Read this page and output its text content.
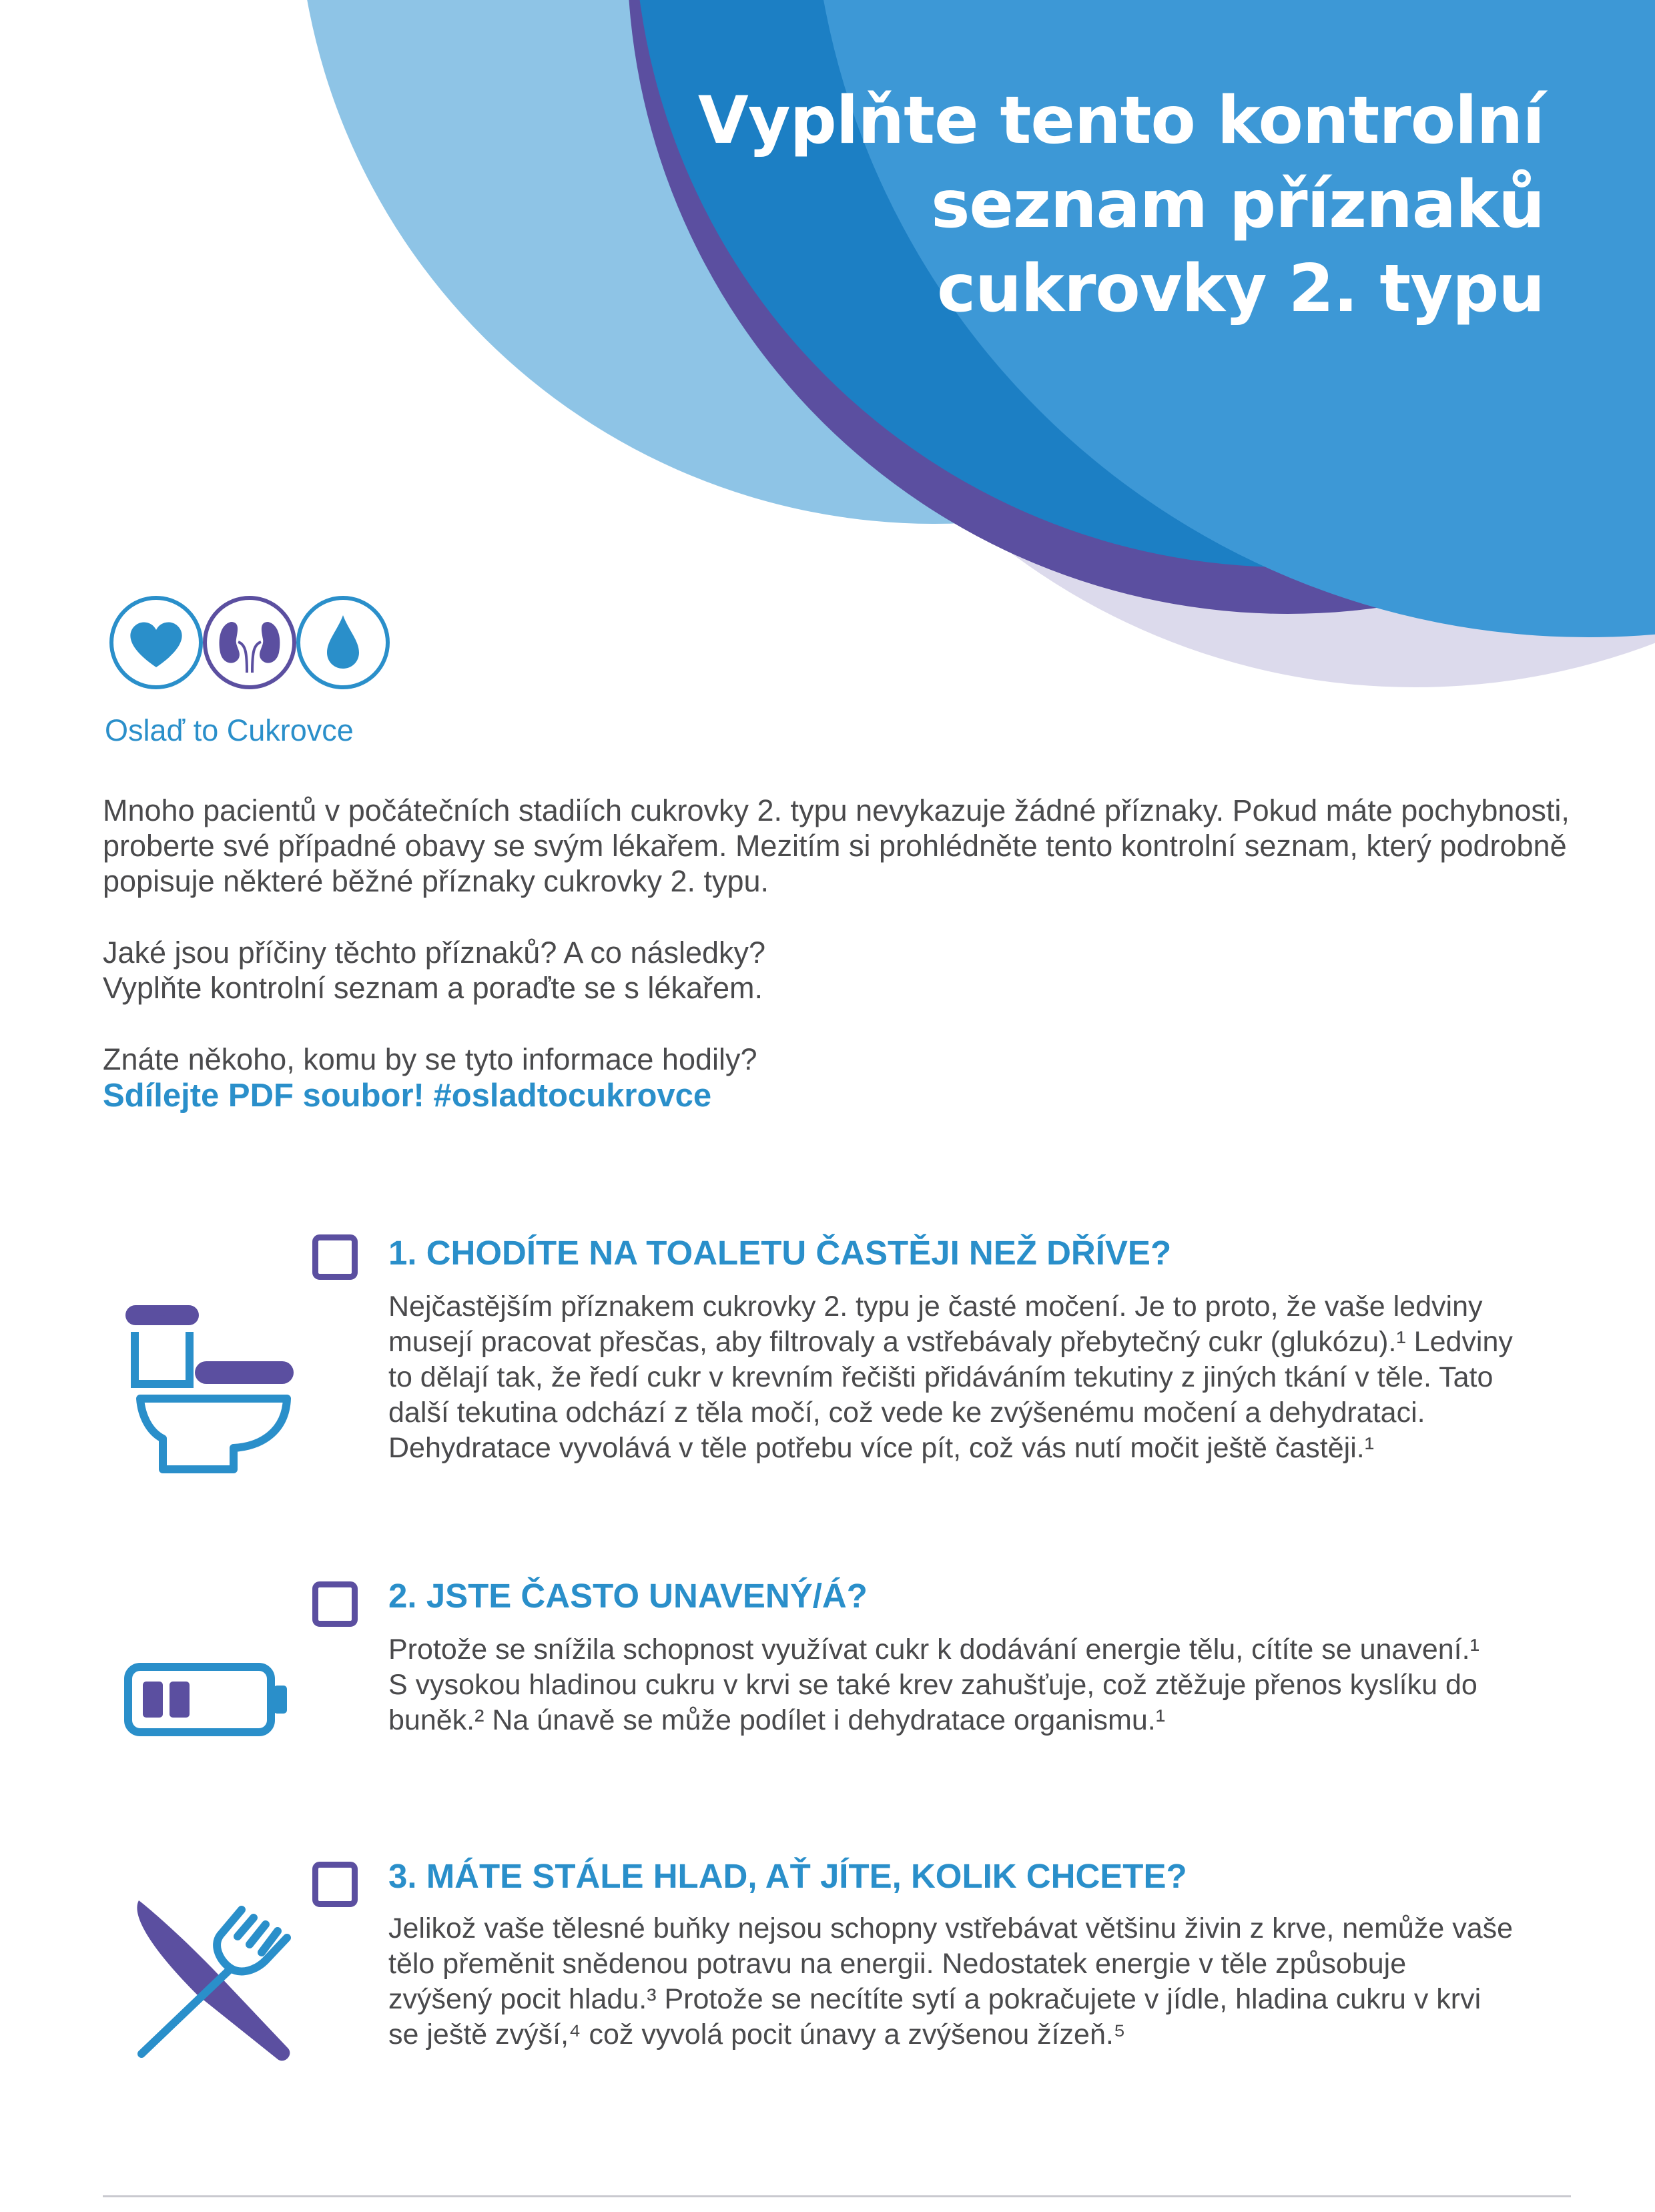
Vyplňte tento kontrolní
seznam příznaků
cukrovky 2. typu
Oslaď to Cukrovce

Mnoho pacientů v počátečních stadiích cukrovky 2. typu nevykazuje žádné příznaky. Pokud máte pochybnosti,
proberte své případné obavy se svým lékařem. Mezitím si prohlédněte tento kontrolní seznam, který podrobně
popisuje některé běžné příznaky cukrovky 2. typu.

Jaké jsou příčiny těchto příznaků? A co následky?
Vyplňte kontrolní seznam a poraďte se s lékařem.

Znáte někoho, komu by se tyto informace hodily?
Sdílejte PDF soubor! #osladtocukrovce

1. CHODÍTE NA TOALETU ČASTĚJI NEŽ DŘÍVE?

Nejčastějším příznakem cukrovky 2. typu je časté močení. Je to proto, že vaše ledviny
musejí pracovat přesčas, aby filtrovaly a vstřebávaly přebytečný cukr (glukózu).¹ Ledviny
to dělají tak, že ředí cukr v krevním řečišti přidáváním tekutiny z jiných tkání v těle. Tato
další tekutina odchází z těla močí, což vede ke zvýšenému močení a dehydrataci.
Dehydratace vyvolává v těle potřebu více pít, což vás nutí močit ještě častěji.¹

2. JSTE ČASTO UNAVENÝ/Á?

Protože se snížila schopnost využívat cukr k dodávání energie tělu, cítíte se unavení.¹
S vysokou hladinou cukru v krvi se také krev zahušťuje, což ztěžuje přenos kyslíku do
buněk.² Na únavě se může podílet i dehydratace organismu.¹

3. MÁTE STÁLE HLAD, AŤ JÍTE, KOLIK CHCETE?

Jelikož vaše tělesné buňky nejsou schopny vstřebávat většinu živin z krve, nemůže vaše
tělo přeměnit snědenou potravu na energii. Nedostatek energie v těle způsobuje
zvýšený pocit hladu.³ Protože se necítíte sytí a pokračujete v jídle, hladina cukru v krvi
se ještě zvýší,⁴ což vyvolá pocit únavy a zvýšenou žízeň.⁵
